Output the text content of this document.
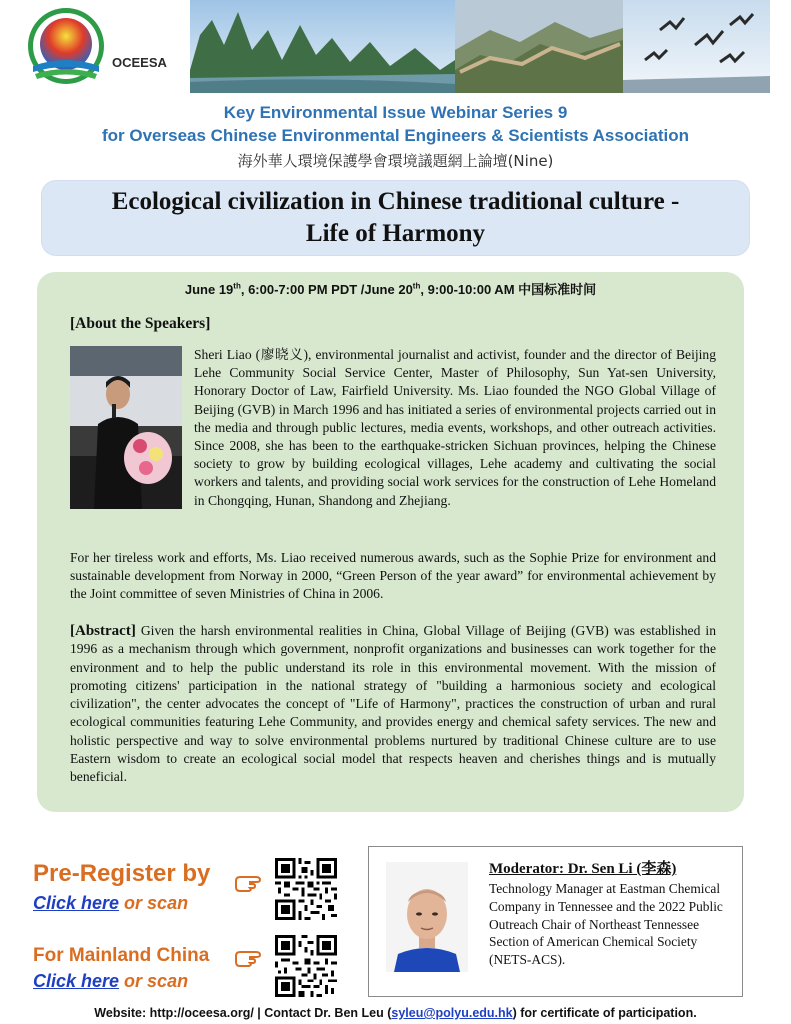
OCEESA
Key Environmental Issue Webinar Series 9
for Overseas Chinese Environmental Engineers & Scientists Association
海外華人環境保護學會環境議題網上論壇(Nine)
Ecological civilization in Chinese traditional culture -
Life of Harmony
June 19th, 6:00-7:00 PM PDT /June 20th, 9:00-10:00 AM 中国标准时间
[About the Speakers]
Sheri Liao (廖晓义), environmental journalist and activist, founder and the director of Beijing Lehe Community Social Service Center, Master of Philosophy, Sun Yat-sen University, Honorary Doctor of Law, Fairfield University. Ms. Liao founded the NGO Global Village of Beijing (GVB) in March 1996 and has initiated a series of environmental projects carried out in the media and through public lectures, media events, workshops, and other outreach activities. Since 2008, she has been to the earthquake-stricken Sichuan provinces, helping the Chinese society to grow by building ecological villages, Lehe academy and cultivating the social workers and talents, and providing social work services for the construction of Lehe Homeland in Chongqing, Hunan, Shandong and Zhejiang.
For her tireless work and efforts, Ms. Liao received numerous awards, such as the Sophie Prize for environment and sustainable development from Norway in 2000, “Green Person of the year award” for environmental achievement by the Joint committee of seven Ministries of China in 2006.
[Abstract] Given the harsh environmental realities in China, Global Village of Beijing (GVB) was established in 1996 as a mechanism through which government, nonprofit organizations and businesses can work together for the environment and to help the public understand its role in this environmental movement. With the mission of promoting citizens' participation in the national strategy of "building a harmonious society and ecological civilization", the center advocates the concept of "Life of Harmony", practices the construction of urban and rural ecological communities featuring Lehe Community, and provides energy and chemical safety services. The new and holistic perspective and way to solve environmental problems nurtured by traditional Chinese culture are to use Eastern wisdom to create an ecological social model that respects heaven and cherishes things and is mutually beneficial.
Pre-Register by
Click here or scan
For Mainland China
Click here or scan
Moderator: Dr. Sen Li (李森)
Technology Manager at Eastman Chemical Company in Tennessee and the 2022 Public Outreach Chair of Northeast Tennessee Section of American Chemical Society (NETS-ACS).
Website: http://oceesa.org/ | Contact Dr. Ben Leu (syleu@polyu.edu.hk) for certificate of participation.
